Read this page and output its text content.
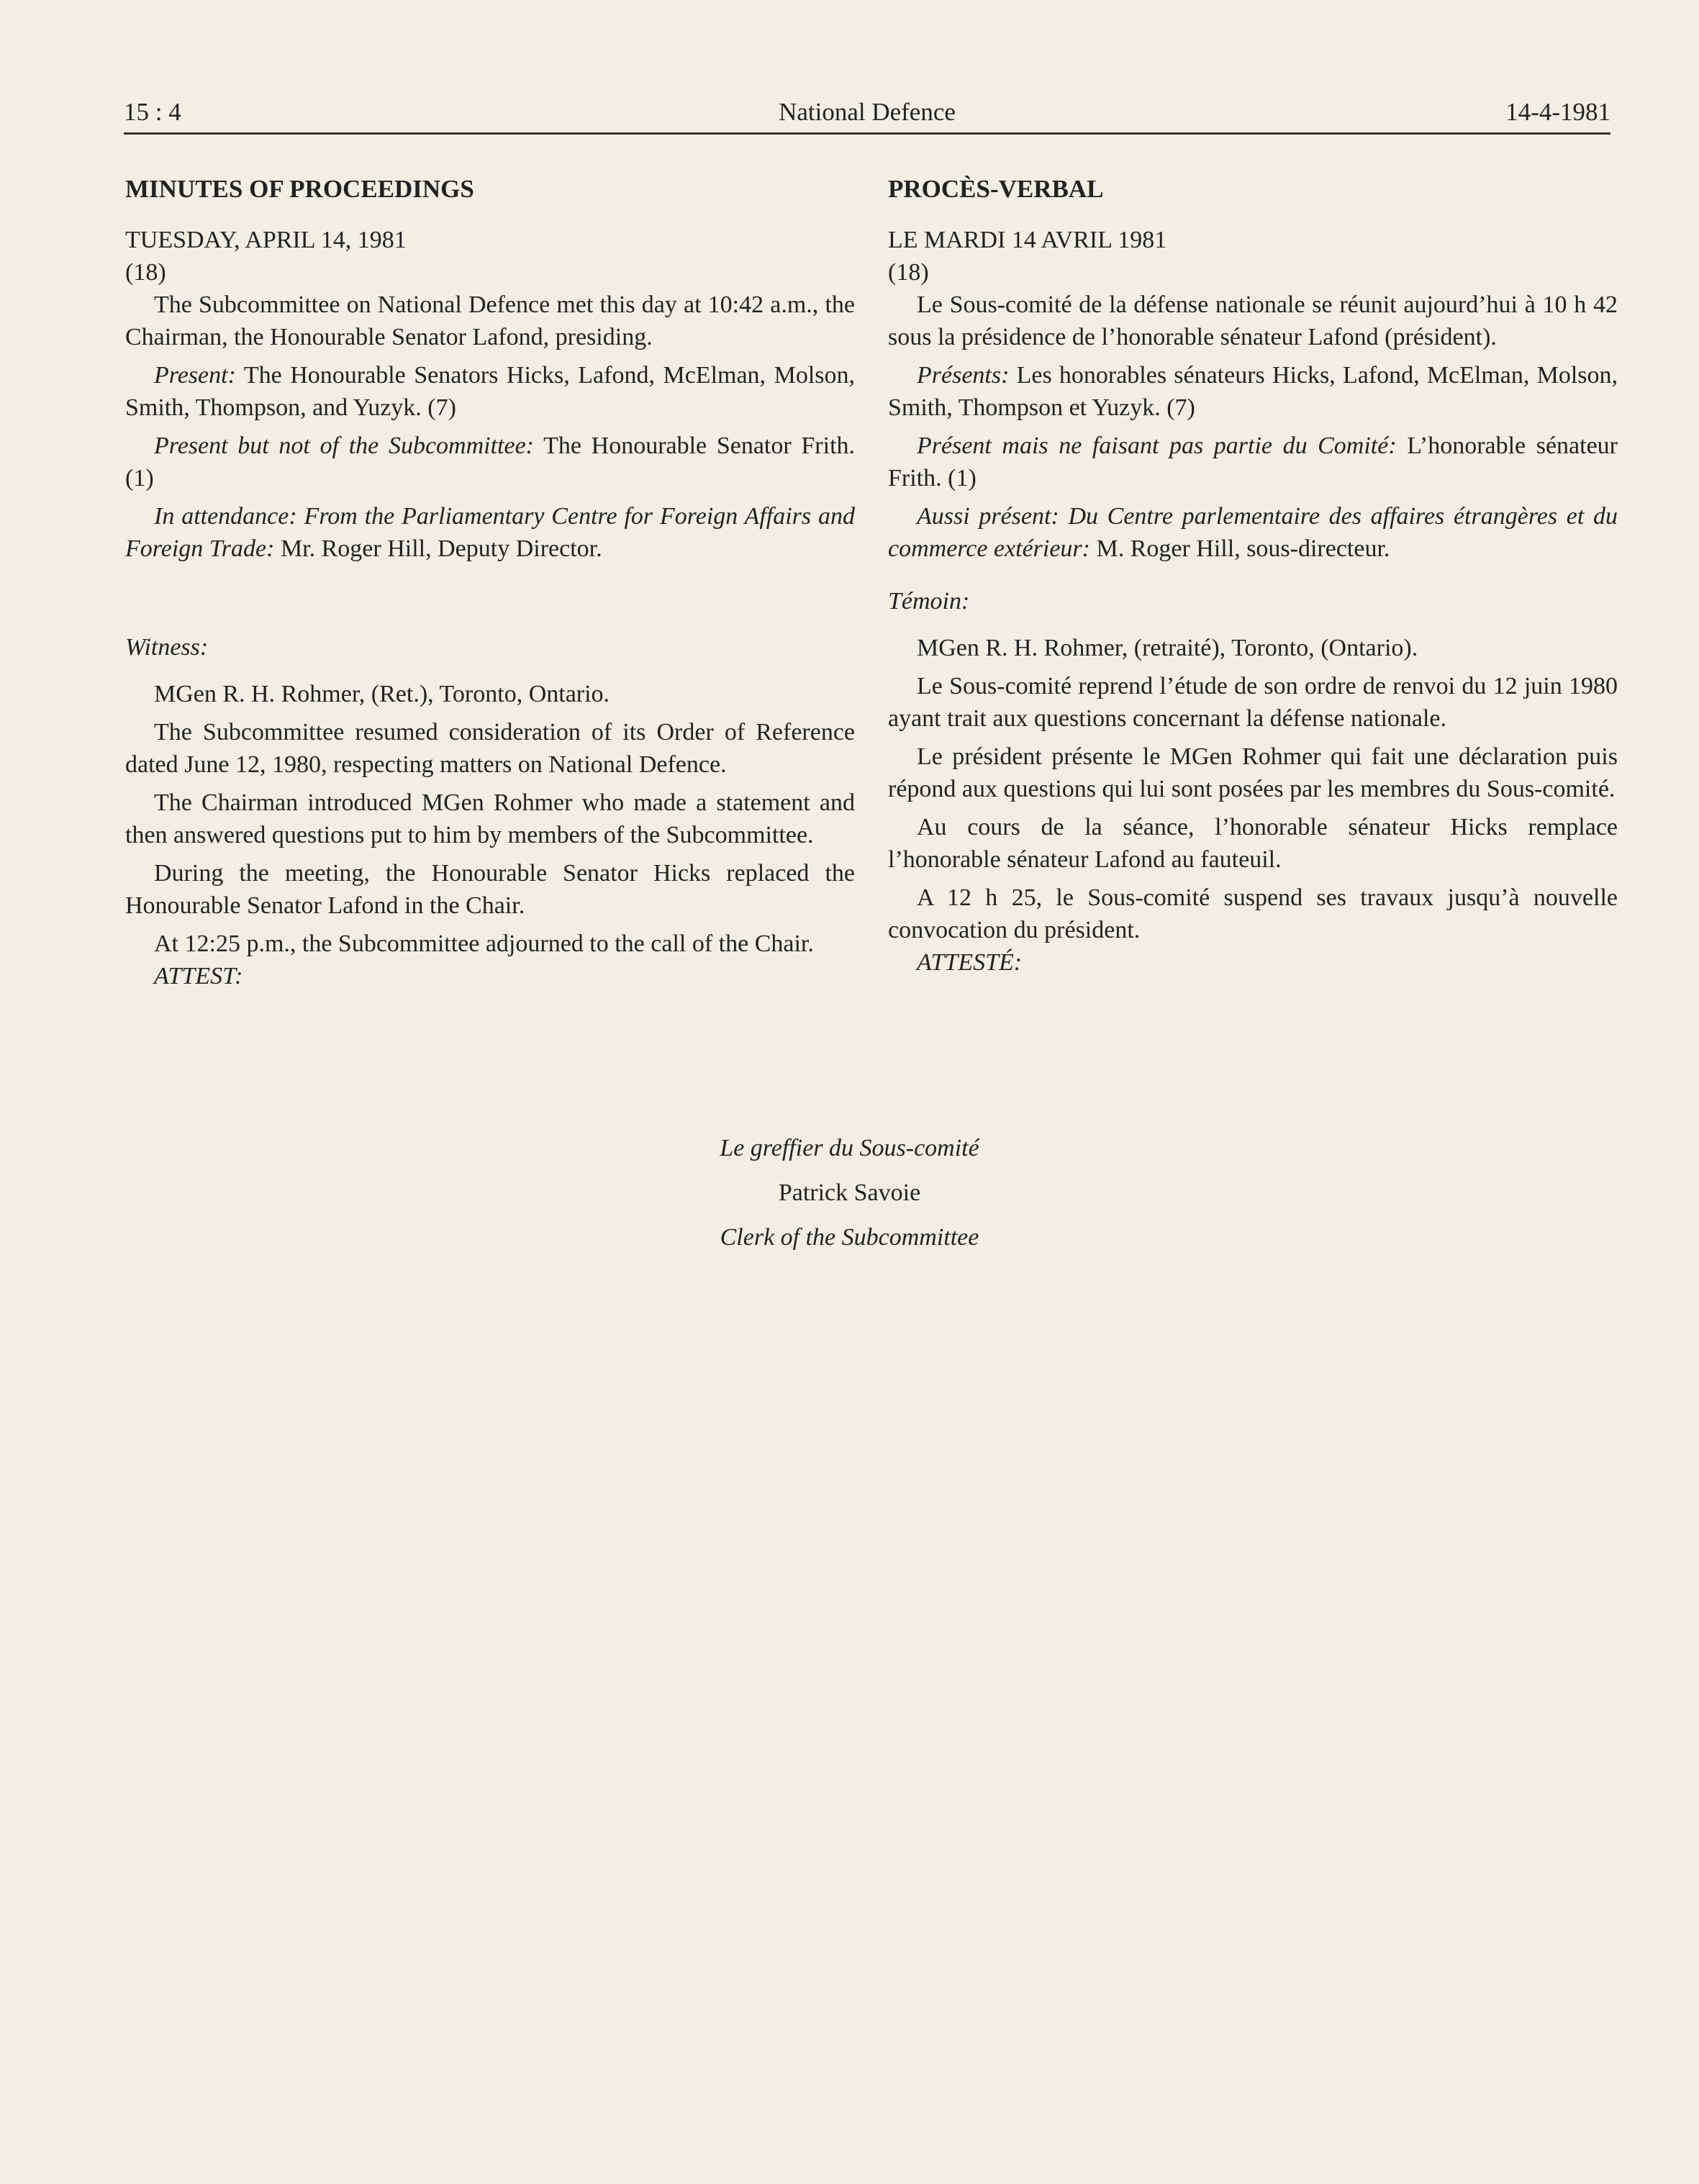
15 : 4	National Defence	14-4-1981

MINUTES OF PROCEEDINGS

TUESDAY, APRIL 14, 1981

(18)

The Subcommittee on National Defence met this day at 10:42 a.m., the Chairman, the Honourable Senator Lafond, presiding.

Present: The Honourable Senators Hicks, Lafond, McElman, Molson, Smith, Thompson, and Yuzyk. (7)

Present but not of the Subcommittee: The Honourable Senator Frith. (1)

In attendance: From the Parliamentary Centre for Foreign Affairs and Foreign Trade: Mr. Roger Hill, Deputy Director.

Witness:

MGen R. H. Rohmer, (Ret.), Toronto, Ontario.

The Subcommittee resumed consideration of its Order of Reference dated June 12, 1980, respecting matters on National Defence.

The Chairman introduced MGen Rohmer who made a statement and then answered questions put to him by members of the Subcommittee.

During the meeting, the Honourable Senator Hicks replaced the Honourable Senator Lafond in the Chair.

At 12:25 p.m., the Subcommittee adjourned to the call of the Chair.

ATTEST:

PROCÈS-VERBAL

LE MARDI 14 AVRIL 1981

(18)

Le Sous-comité de la défense nationale se réunit aujourd’hui à 10 h 42 sous la présidence de l’honorable sénateur Lafond (président).

Présents: Les honorables sénateurs Hicks, Lafond, McElman, Molson, Smith, Thompson et Yuzyk. (7)

Présent mais ne faisant pas partie du Comité: L’honorable sénateur Frith. (1)

Aussi présent: Du Centre parlementaire des affaires étrangères et du commerce extérieur: M. Roger Hill, sous-directeur.

Témoin:

MGen R. H. Rohmer, (retraité), Toronto, (Ontario).

Le Sous-comité reprend l’étude de son ordre de renvoi du 12 juin 1980 ayant trait aux questions concernant la défense nationale.

Le président présente le MGen Rohmer qui fait une déclaration puis répond aux questions qui lui sont posées par les membres du Sous-comité.

Au cours de la séance, l’honorable sénateur Hicks remplace l’honorable sénateur Lafond au fauteuil.

A 12 h 25, le Sous-comité suspend ses travaux jusqu’à nouvelle convocation du président.

ATTESTÉ:

Le greffier du Sous-comité

Patrick Savoie

Clerk of the Subcommittee
